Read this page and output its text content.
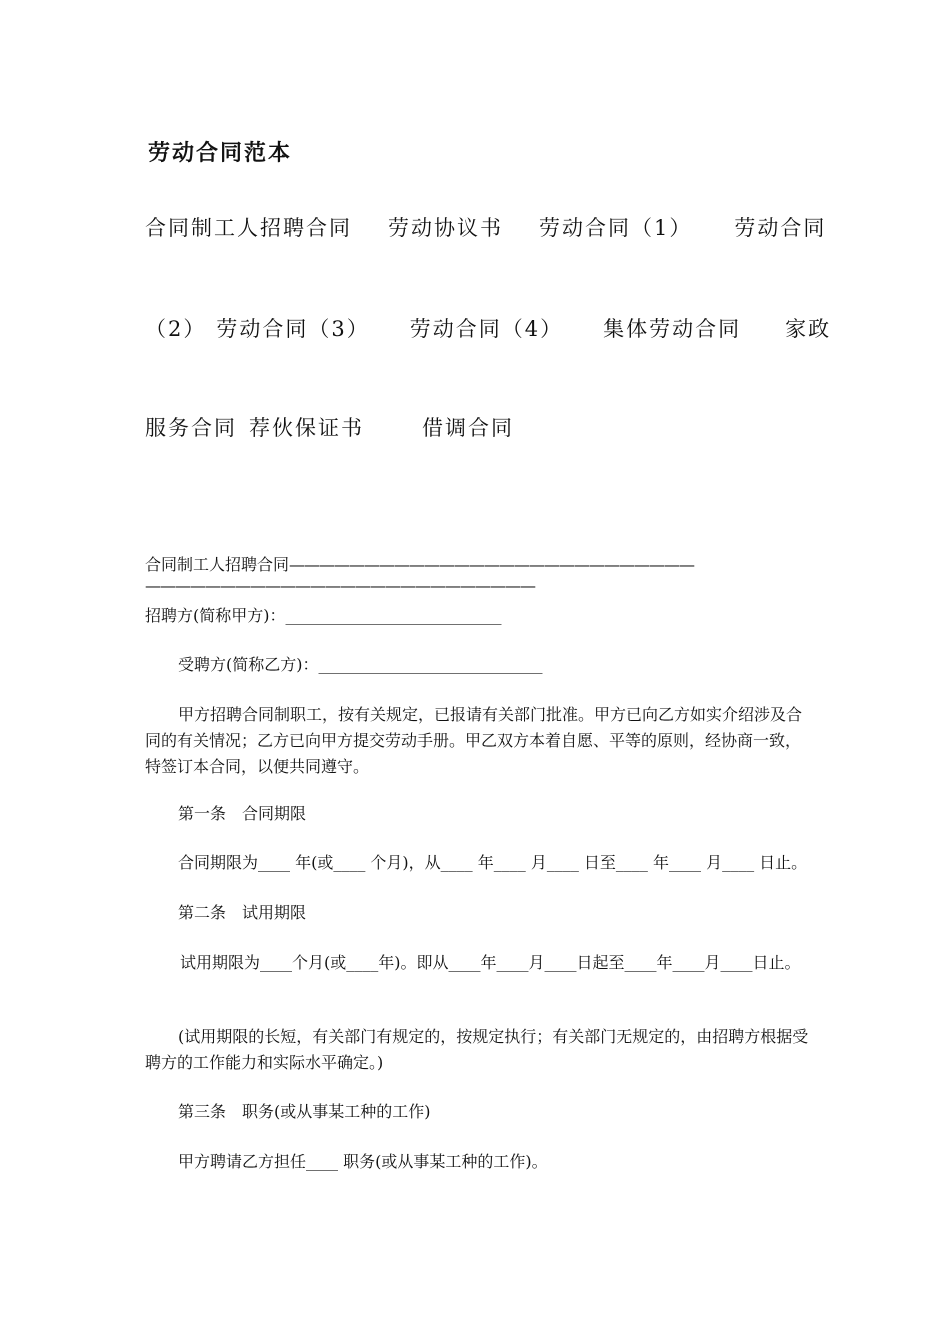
劳动合同范本
合同制工人招聘合同 劳动协议书 劳动合同（1） 劳动合同
（2） 劳动合同（3） 劳动合同（4） 集体劳动合同 家政
服务合同 荐伙保证书	借调合同
合同制工人招聘合同———————————————————————————
——————————————————————————
招聘方(简称甲方)：___________________________
受聘方(简称乙方)：____________________________
甲方招聘合同制职工，按有关规定，已报请有关部门批准。甲方已向乙方如实介绍涉及合同的有关情况；乙方已向甲方提交劳动手册。甲乙双方本着自愿、平等的原则，经协商一致，特签订本合同，以便共同遵守。
第一条　合同期限
合同期限为____ 年(或____ 个月)，从____ 年____ 月____ 日至____ 年____ 月____ 日止。
第二条　试用期限
试用期限为____个月(或____年)。即从____年____月____日起至____年____月____日止。
(试用期限的长短，有关部门有规定的，按规定执行；有关部门无规定的，由招聘方根据受聘方的工作能力和实际水平确定。)
第三条　职务(或从事某工种的工作)
甲方聘请乙方担任____ 职务(或从事某工种的工作)。
